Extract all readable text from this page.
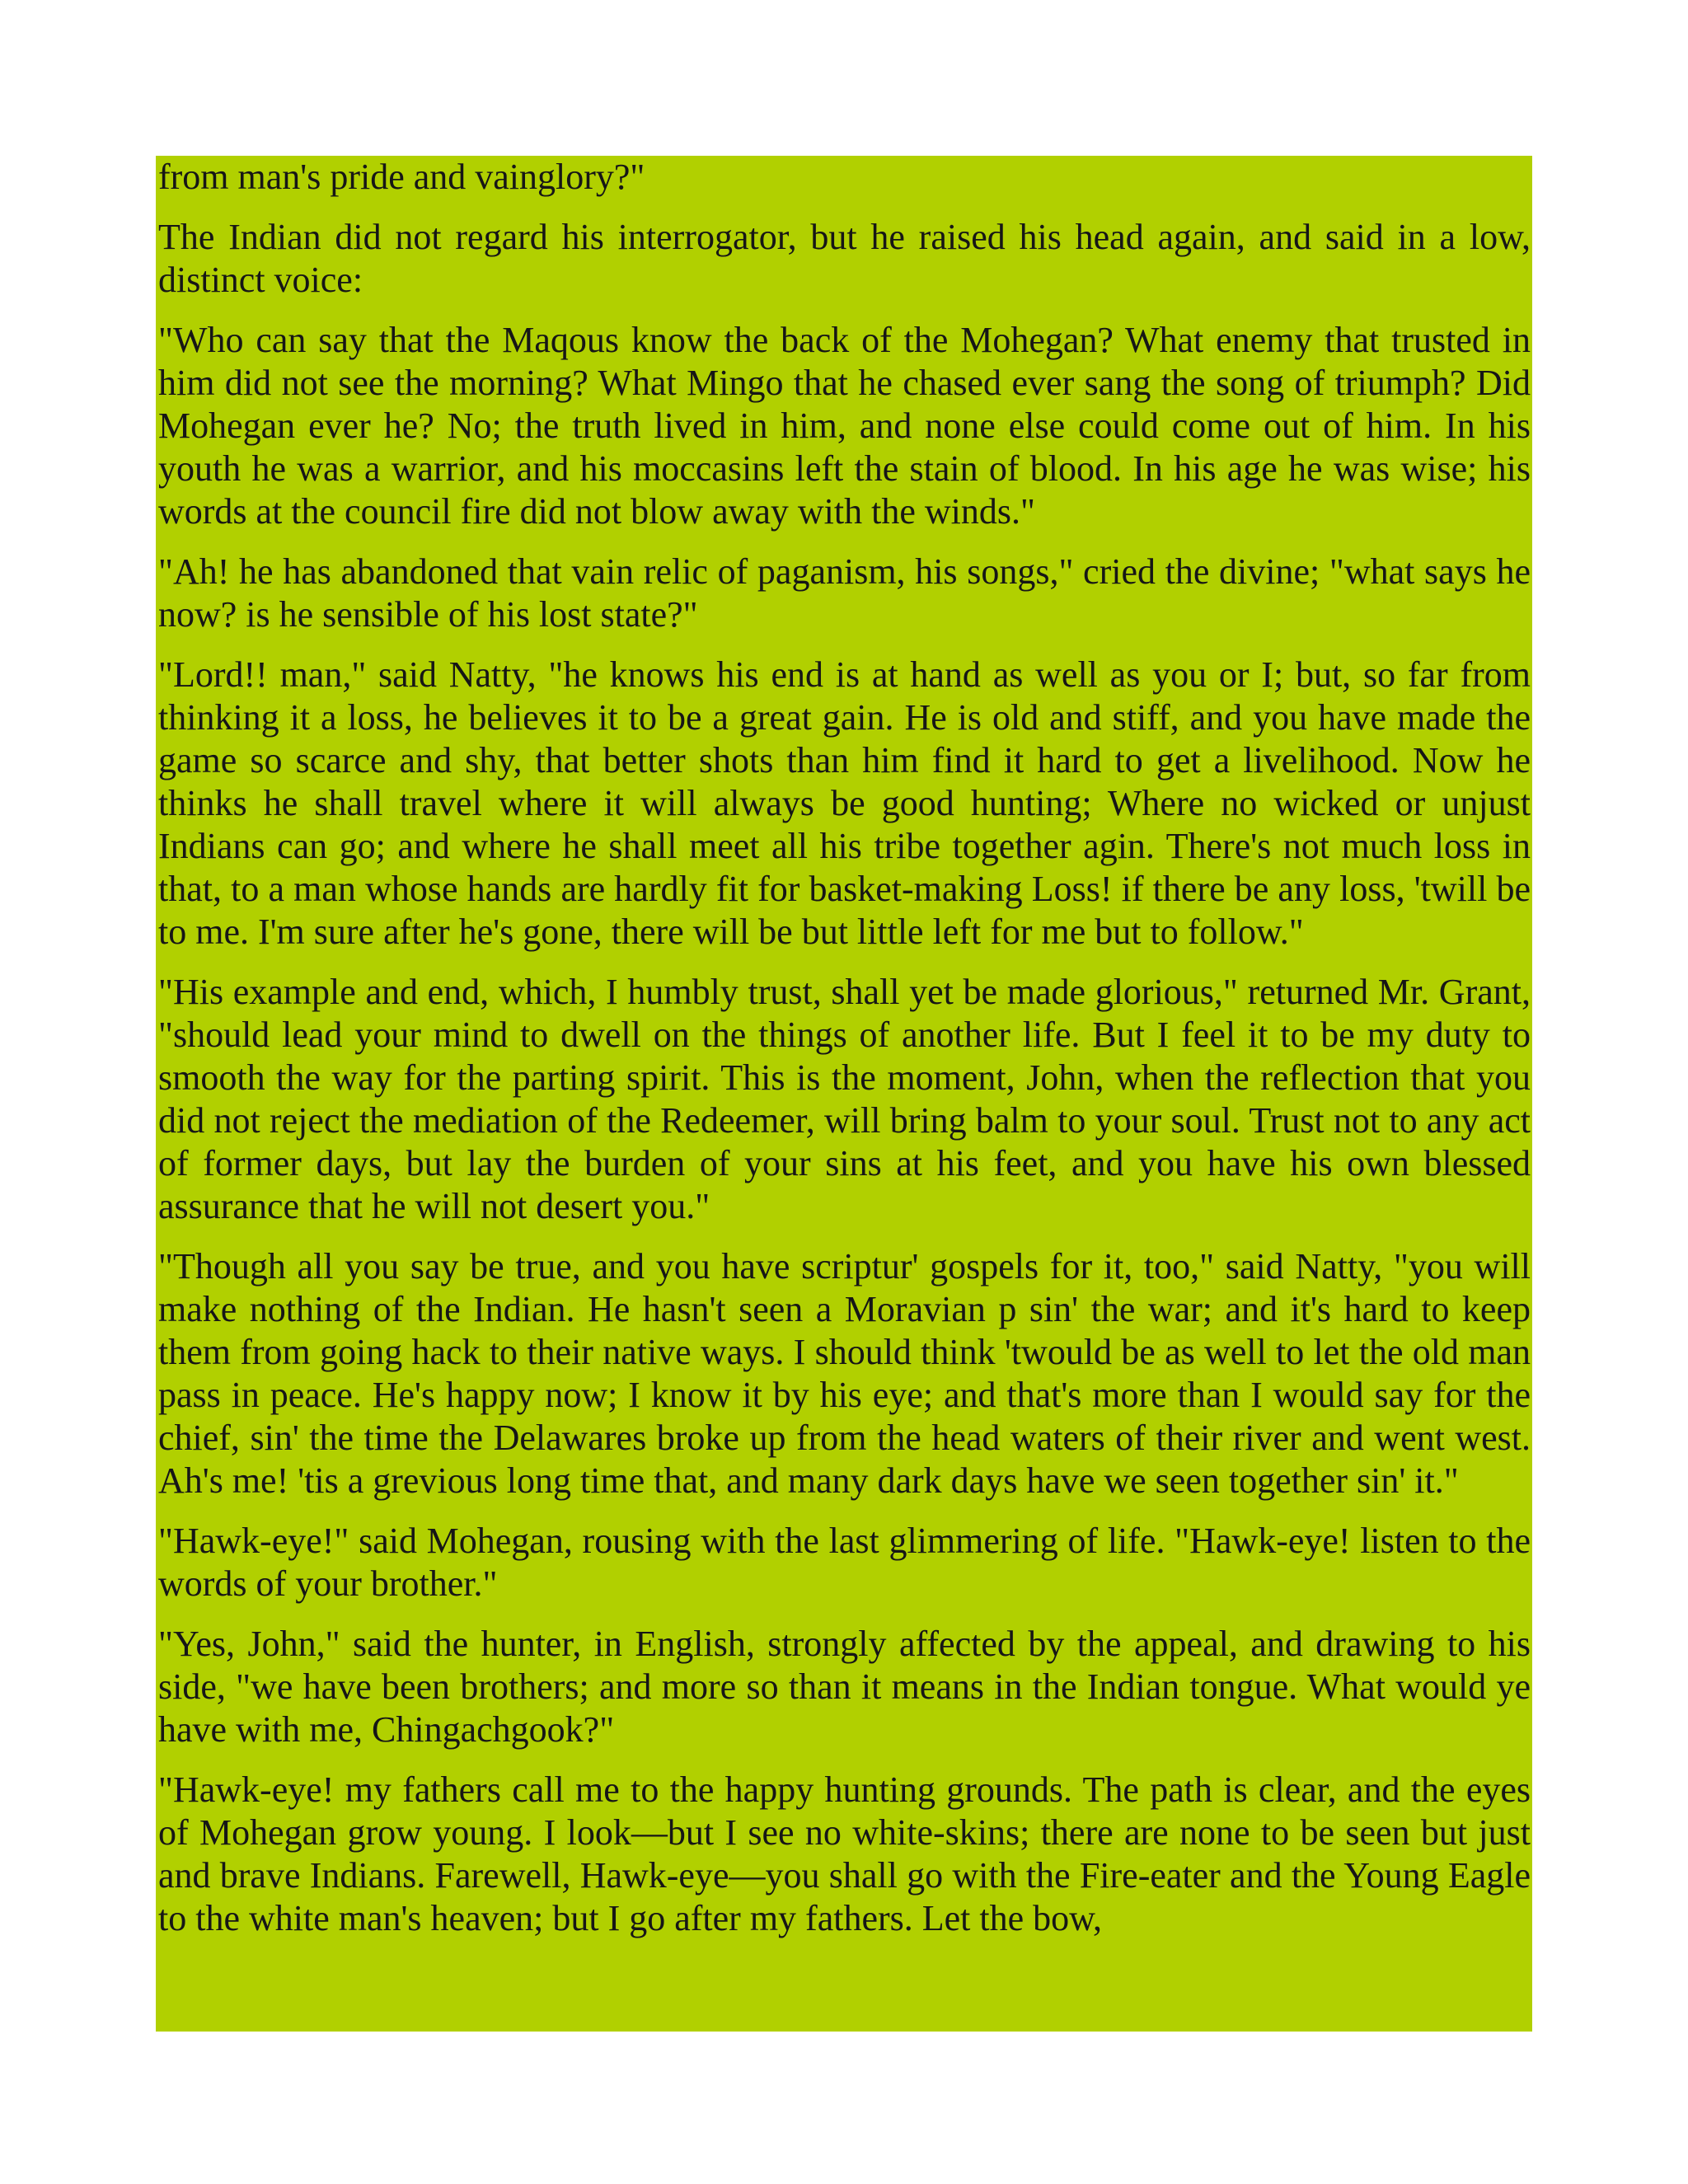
from man's pride and vainglory?"

The Indian did not regard his interrogator, but he raised his head again, and said in a low, distinct voice:

"Who can say that the Maqous know the back of the Mohegan? What enemy that trusted in him did not see the morning? What Mingo that he chased ever sang the song of triumph? Did Mohegan ever he? No; the truth lived in him, and none else could come out of him. In his youth he was a warrior, and his moccasins left the stain of blood. In his age he was wise; his words at the council fire did not blow away with the winds."

"Ah! he has abandoned that vain relic of paganism, his songs," cried the divine; "what says he now? is he sensible of his lost state?"

"Lord!! man," said Natty, "he knows his end is at hand as well as you or I; but, so far from thinking it a loss, he believes it to be a great gain. He is old and stiff, and you have made the game so scarce and shy, that better shots than him find it hard to get a livelihood. Now he thinks he shall travel where it will always be good hunting; Where no wicked or unjust Indians can go; and where he shall meet all his tribe together agin. There's not much loss in that, to a man whose hands are hardly fit for basket-making Loss! if there be any loss, 'twill be to me. I'm sure after he's gone, there will be but little left for me but to follow."

"His example and end, which, I humbly trust, shall yet be made glorious," returned Mr. Grant, "should lead your mind to dwell on the things of another life. But I feel it to be my duty to smooth the way for the parting spirit. This is the moment, John, when the reflection that you did not reject the mediation of the Redeemer, will bring balm to your soul. Trust not to any act of former days, but lay the burden of your sins at his feet, and you have his own blessed assurance that he will not desert you."

"Though all you say be true, and you have scriptur' gospels for it, too," said Natty, "you will make nothing of the Indian. He hasn't seen a Moravian p sin' the war; and it's hard to keep them from going hack to their native ways. I should think 'twould be as well to let the old man pass in peace. He's happy now; I know it by his eye; and that's more than I would say for the chief, sin' the time the Delawares broke up from the head waters of their river and went west. Ah's me! 'tis a grevious long time that, and many dark days have we seen together sin' it."

"Hawk-eye!" said Mohegan, rousing with the last glimmering of life. "Hawk-eye! listen to the words of your brother."

"Yes, John," said the hunter, in English, strongly affected by the appeal, and drawing to his side, "we have been brothers; and more so than it means in the Indian tongue. What would ye have with me, Chingachgook?"

"Hawk-eye! my fathers call me to the happy hunting grounds. The path is clear, and the eyes of Mohegan grow young. I look—but I see no white-skins; there are none to be seen but just and brave Indians. Farewell, Hawk-eye—you shall go with the Fire-eater and the Young Eagle to the white man's heaven; but I go after my fathers. Let the bow,
